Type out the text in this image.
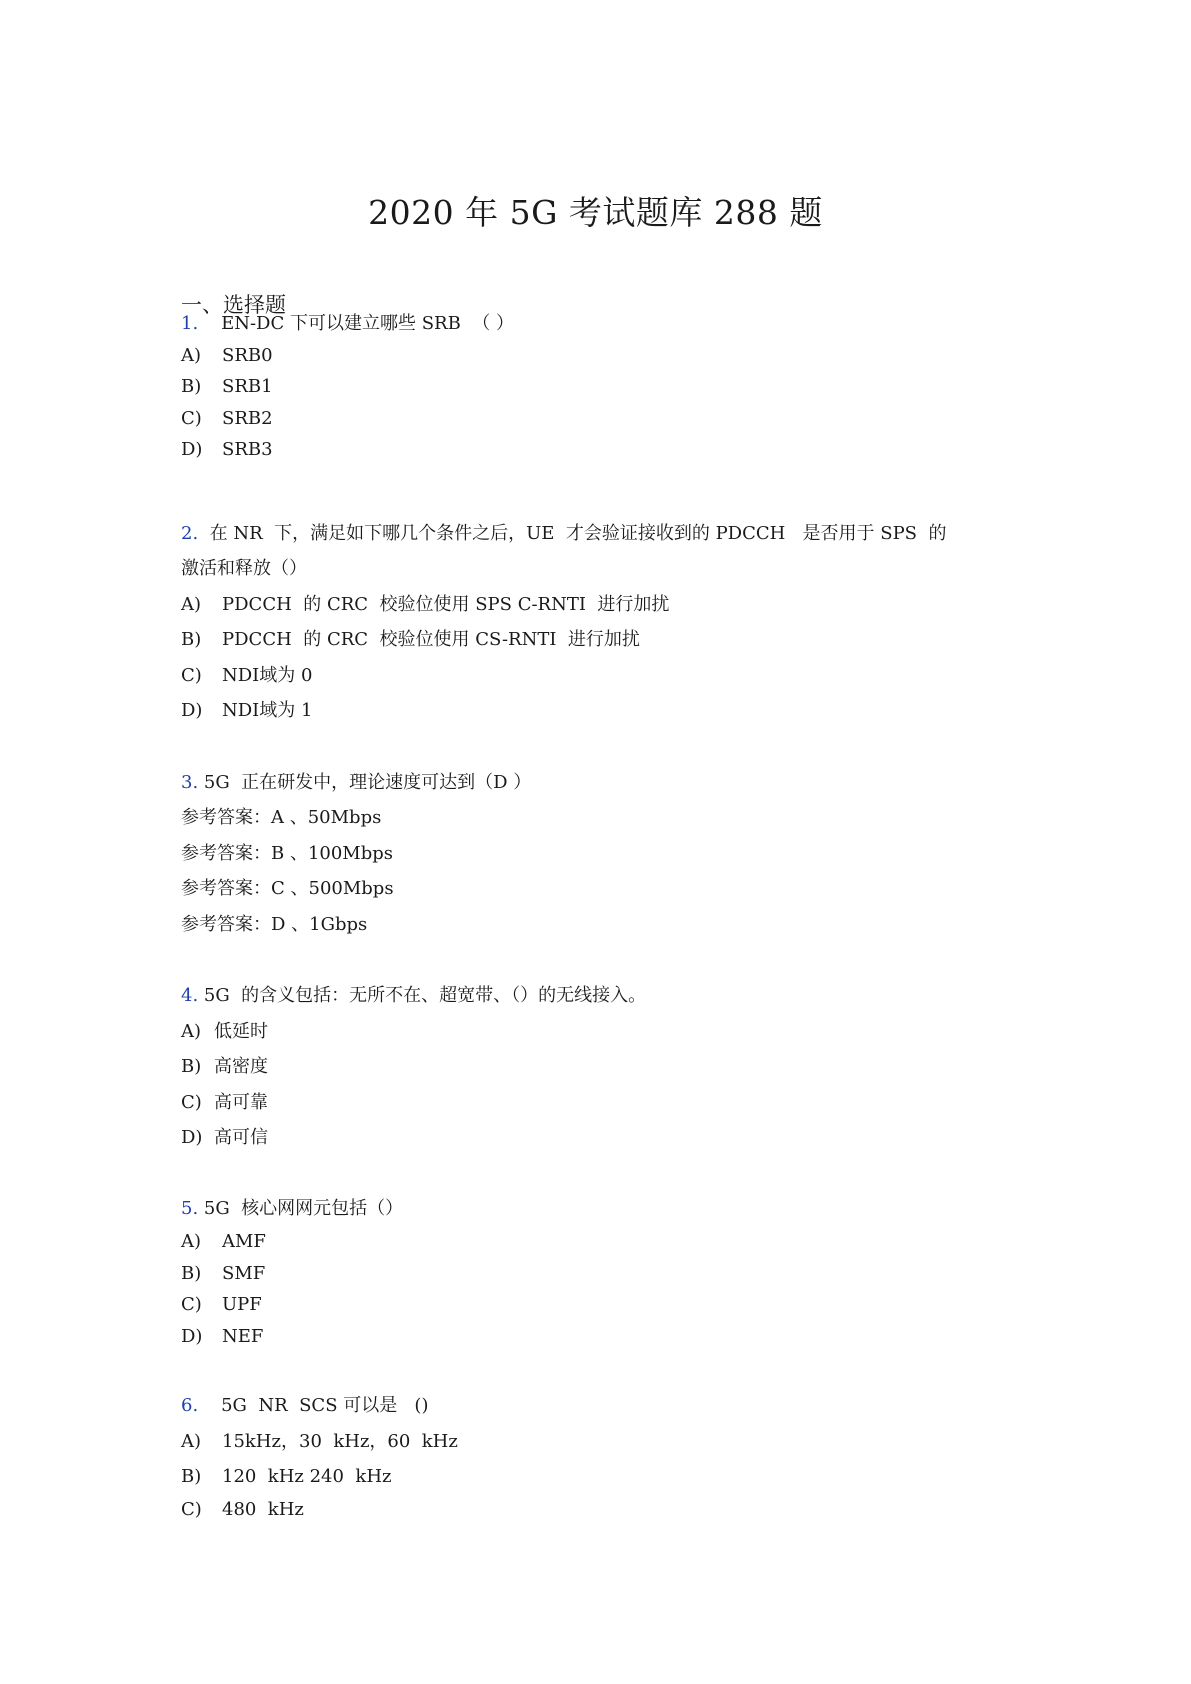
2020 年 5G 考试题库 288 题
一、选择题
1.    EN-DC 下可以建立哪些 SRB  （ ）
A) SRB0
B) SRB1
C) SRB2
D) SRB3
2.  在 NR  下，满足如下哪几个条件之后，UE  才会验证接收到的 PDCCH   是否用于 SPS  的
激活和释放（）
A) PDCCH  的 CRC  校验位使用 SPS C-RNTI  进行加扰
B) PDCCH  的 CRC  校验位使用 CS-RNTI  进行加扰
C) NDI域为 0
D) NDI域为 1
3. 5G  正在研发中，理论速度可达到（D ）
参考答案：A 、50Mbps
参考答案：B 、100Mbps
参考答案：C 、500Mbps
参考答案：D 、1Gbps
4. 5G  的含义包括：无所不在、超宽带、（）的无线接入。
A) 低延时
B) 高密度
C) 高可靠
D) 高可信
5. 5G  核心网网元包括（）
A) AMF
B) SMF
C) UPF
D) NEF
6.    5G  NR  SCS 可以是   ()
A) 15kHz，30  kHz，60  kHz
B) 120  kHz 240  kHz
C) 480  kHz
